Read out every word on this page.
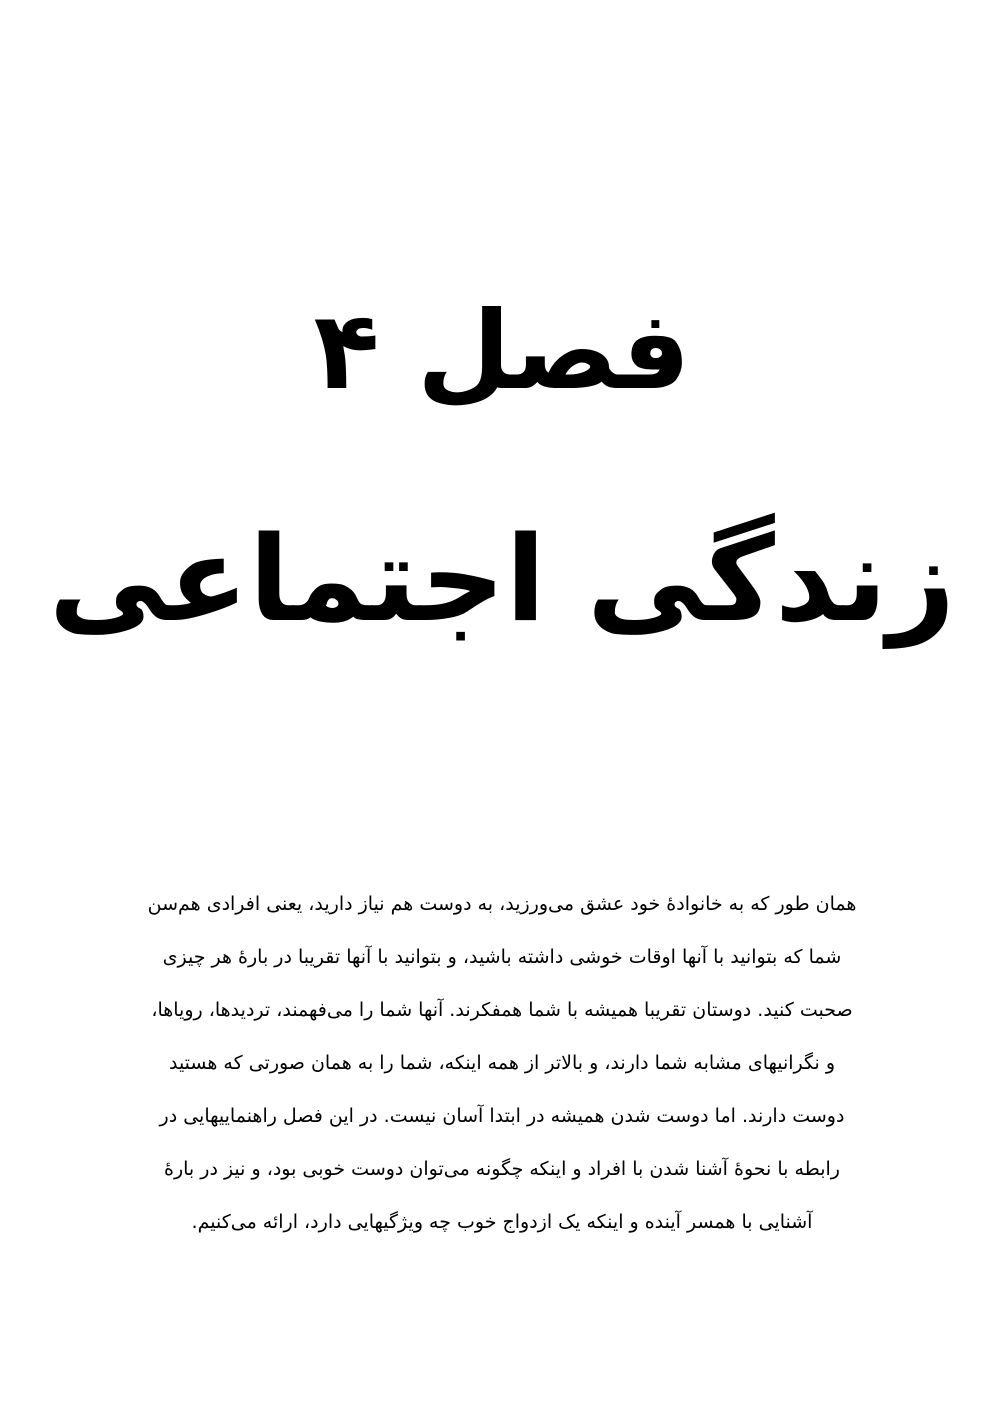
فصل ۴
زندگی اجتماعی
همان طور که به خانوادهٔ خود عشق می‌ورزید، به دوست هم نیاز دارید، یعنی افرادی هم‌سن
شما که بتوانید با آنها اوقات خوشی داشته باشید، و بتوانید با آنها تقریبا در بارهٔ هر چیزی
صحبت کنید. دوستان تقریبا همیشه با شما همفکرند. آنها شما را می‌فهمند، تردیدها، رویاها،
و نگرانیهای مشابه شما دارند، و بالاتر از همه اینکه، شما را به همان صورتی که هستید
دوست دارند. اما دوست شدن همیشه در ابتدا آسان نیست. در این فصل راهنماییهایی در
رابطه با نحوهٔ آشنا شدن با افراد و اینکه چگونه می‌توان دوست خوبی بود، و نیز در بارهٔ
آشنایی با همسر آینده و اینکه یک ازدواج خوب چه ویژگیهایی دارد، ارائه می‌کنیم.
